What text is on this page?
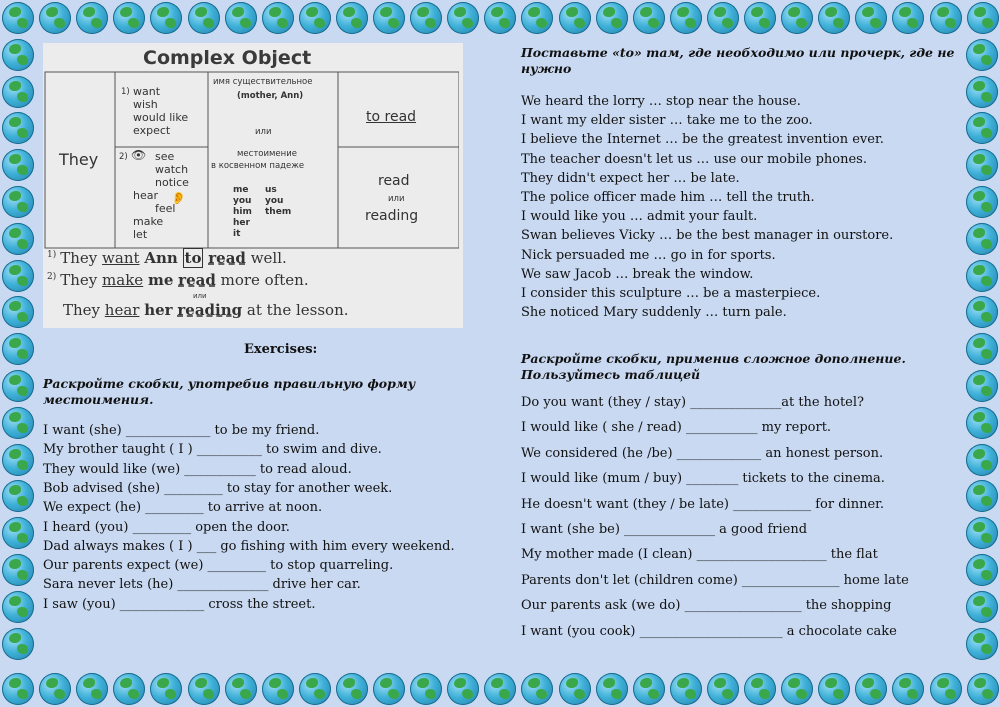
Complex Object
They
1) want
wish
would like
expect
2) 👁
👂
see
watch
notice
hear
feel
make
let
имя существительное
(mother, Ann)
или
местоимение
в косвенном падеже
me us
you you
him them
her
it
to read
read
или
reading
$^{1)}$ They want Ann to read well.
$^{2)}$ They make me read more often.
They hear her reading at the lesson.
или
Exercises:
Раскройте скобки, употребив правильную форму местоимения.
I want (she) _____________ to be my friend.
My brother taught ( I ) __________ to swim and dive.
They would like (we) ___________ to read aloud.
Bob advised (she) _________ to stay for another week.
We expect (he) _________ to arrive at noon.
I heard (you) _________ open the door.
Dad always makes ( I ) ___ go fishing with him every weekend.
Our parents expect (we) _________ to stop quarreling.
Sara never lets (he) ______________ drive her car.
I saw (you) _____________ cross the street.
Поставьте «to» там, где необходимо или прочерк, где не нужно
We heard the lorry … stop near the house.
I want my elder sister … take me to the zoo.
I believe the Internet … be the greatest invention ever.
The teacher doesn't let us … use our mobile phones.
They didn't expect her … be late.
The police officer made him … tell the truth.
I would like you … admit your fault.
Swan believes Vicky … be the best manager in ourstore.
Nick persuaded me … go in for sports.
We saw Jacob … break the window.
I consider this sculpture … be a masterpiece.
She noticed Mary suddenly … turn pale.
Раскройте скобки, применив сложное дополнение. Пользуйтесь таблицей
Do you want (they / stay) ______________at the hotel?
I would like ( she / read) ___________ my report.
We considered (he /be) _____________ an honest person.
I would like (mum / buy) ________ tickets to the cinema.
He doesn't want (they / be late) ____________ for dinner.
I want (she be) ______________ a good friend
My mother made (I clean) ____________________ the flat
Parents don't let (children come) _______________ home late
Our parents ask (we do) __________________ the shopping
I want (you cook) ______________________ a chocolate cake
